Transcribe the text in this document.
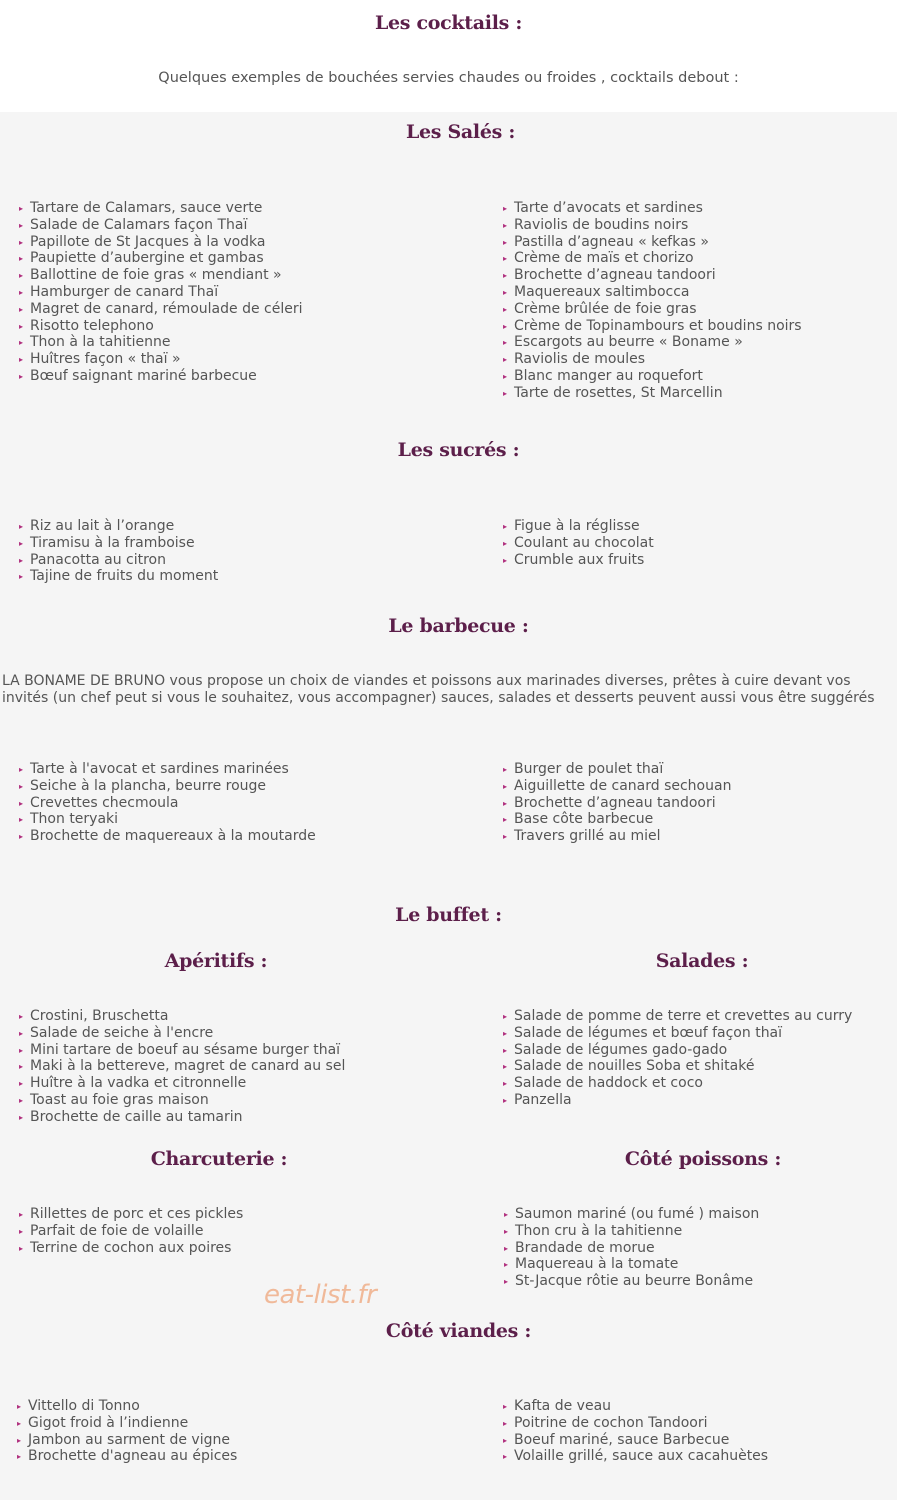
Les cocktails :

Quelques exemples de bouchées servies chaudes ou froides , cocktails debout :

Les Salés :
▸ Tartare de Calamars, sauce verte
▸ Salade de Calamars façon Thaï
▸ Papillote de St Jacques à la vodka
▸ Paupiette d’aubergine et gambas
▸ Ballottine de foie gras « mendiant »
▸ Hamburger de canard Thaï
▸ Magret de canard, rémoulade de céleri
▸ Risotto telephono
▸ Thon à la tahitienne
▸ Huîtres façon « thaï »
▸ Bœuf saignant mariné barbecue
▸ Tarte d’avocats et sardines
▸ Raviolis de boudins noirs
▸ Pastilla d’agneau « kefkas »
▸ Crème de maïs et chorizo
▸ Brochette d’agneau tandoori
▸ Maquereaux saltimbocca
▸ Crème brûlée de foie gras
▸ Crème de Topinambours et boudins noirs
▸ Escargots au beurre « Boname »
▸ Raviolis de moules
▸ Blanc manger au roquefort
▸ Tarte de rosettes, St Marcellin
Les sucrés :
▸ Riz au lait à l’orange
▸ Tiramisu à la framboise
▸ Panacotta au citron
▸ Tajine de fruits du moment
▸ Figue à la réglisse
▸ Coulant au chocolat
▸ Crumble aux fruits
Le barbecue :

LA BONAME DE BRUNO vous propose un choix de viandes et poissons aux marinades diverses, prêtes à cuire devant vos invités (un chef peut si vous le souhaitez, vous accompagner) sauces, salades et desserts peuvent aussi vous être suggérés

▸ Tarte à l'avocat et sardines marinées
▸ Seiche à la plancha, beurre rouge
▸ Crevettes checmoula
▸ Thon teryaki
▸ Brochette de maquereaux à la moutarde
▸ Burger de poulet thaï
▸ Aiguillette de canard sechouan
▸ Brochette d’agneau tandoori
▸ Base côte barbecue
▸ Travers grillé au miel
Le buffet :
Apéritifs :
▸ Crostini, Bruschetta
▸ Salade de seiche à l'encre
▸ Mini tartare de boeuf au sésame burger thaï
▸ Maki à la bettereve, magret de canard au sel
▸ Huître à la vadka et citronnelle
▸ Toast au foie gras maison
▸ Brochette de caille au tamarin
Salades :
▸ Salade de pomme de terre et crevettes au curry
▸ Salade de légumes et bœuf façon thaï
▸ Salade de légumes gado-gado
▸ Salade de nouilles Soba et shitaké
▸ Salade de haddock et coco
▸ Panzella
Charcuterie :
▸ Rillettes de porc et ces pickles
▸ Parfait de foie de volaille
▸ Terrine de cochon aux poires
Côté poissons :
▸ Saumon mariné (ou fumé ) maison
▸ Thon cru à la tahitienne
▸ Brandade de morue
▸ Maquereau à la tomate
▸ St-Jacque rôtie au beurre Bonâme

eat-list.fr

Côté viandes :
▸ Vittello di Tonno
▸ Gigot froid à l’indienne
▸ Jambon au sarment de vigne
▸ Brochette d'agneau au épices
▸ Kafta de veau
▸ Poitrine de cochon Tandoori
▸ Boeuf mariné, sauce Barbecue
▸ Volaille grillé, sauce aux cacahuètes
